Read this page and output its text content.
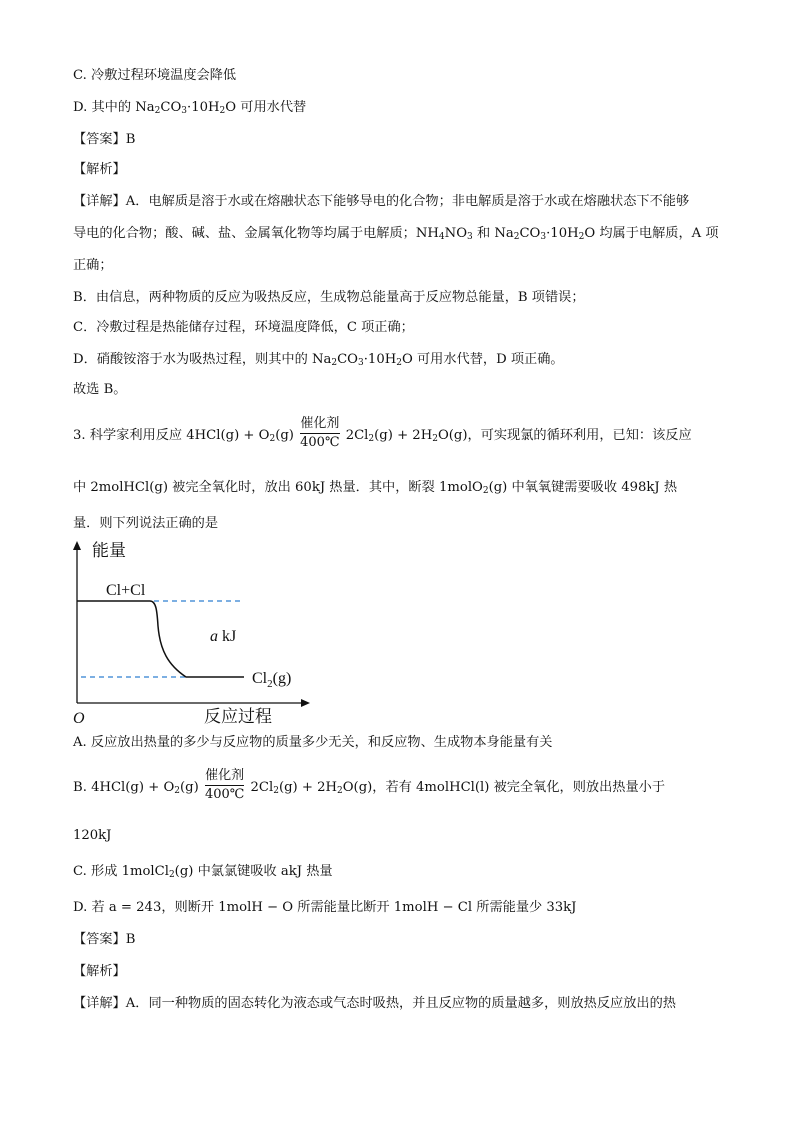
C. 冷敷过程环境温度会降低
D. 其中的 $Na_2CO_3\cdot 10H_2O$ 可用水代替
【答案】B
【解析】
【详解】A．电解质是溶于水或在熔融状态下能够导电的化合物；非电解质是溶于水或在熔融状态下不能够
导电的化合物；酸、碱、盐、金属氧化物等均属于电解质；$NH_4NO_3$ 和 $Na_2CO_3\cdot 10H_2O$ 均属于电解质，A 项
正确；
B．由信息，两种物质的反应为吸热反应，生成物总能量高于反应物总能量，B 项错误；
C．冷敷过程是热能储存过程，环境温度降低，C 项正确；
D．硝酸铵溶于水为吸热过程，则其中的 $Na_2CO_3\cdot 10H_2O$ 可用水代替，D 项正确。
故选 B。
3. 科学家利用反应 $4HCl(g) + O_2(g)$
催化剂
400℃ $2Cl_2(g) + 2H_2O(g)$，可实现氯的循环利用，已知：该反应
中 2molHCl(g) 被完全氧化时，放出 60kJ 热量．其中，断裂 1molO$_2$(g) 中氧氧键需要吸收 498kJ 热
量．则下列说法正确的是
能量
Cl+Cl
a kJ
$Cl_2(g)$
O	反应过程
A. 反应放出热量的多少与反应物的质量多少无关，和反应物、生成物本身能量有关
B. $4HCl(g) + O_2(g)$
催化剂
400℃ $2Cl_2(g) + 2H_2O(g)$，若有 4molHCl(l) 被完全氧化，则放出热量小于
120kJ
C. 形成 1molCl$_2$(g) 中氯氯键吸收 akJ 热量
D. 若 a = 243，则断开 1molH − O 所需能量比断开 1molH − Cl 所需能量少 33kJ
【答案】B
【解析】
【详解】A．同一种物质的固态转化为液态或气态时吸热，并且反应物的质量越多，则放热反应放出的热
